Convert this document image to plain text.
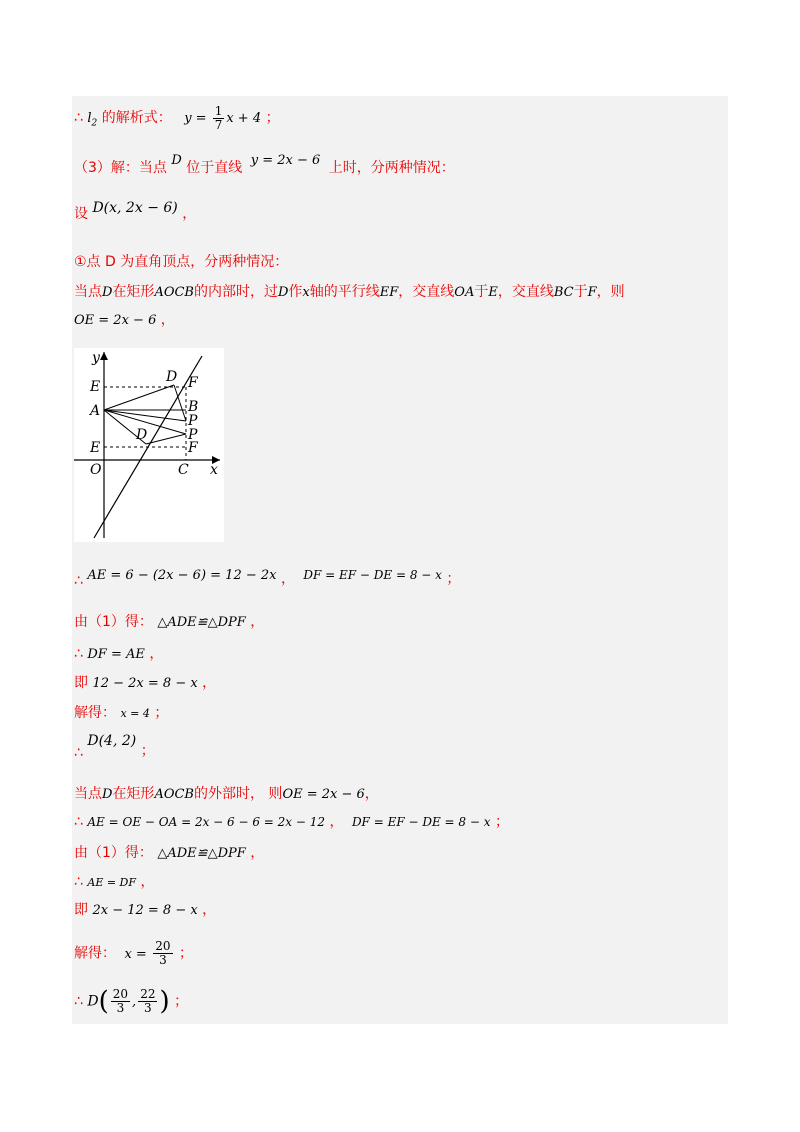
∴ $l_2$ 的解析式： $y = \frac{1}{7}$ x + 4 ；
（3）解：当点 D 位于直线 y = 2x − 6 上时，分两种情况：
设 D(x, 2x − 6) ，
①点 D 为直角顶点，分两种情况：
当点D在矩形AOCB的内部时，过D作x轴的平行线EF，交直线OA于E，交直线BC于F，则
OE = 2x − 6 ，
y
E
A
E
O
D F
B
P
P
D
F
C x
∴ AE = 6 − (2x − 6) = 12 − 2x ， DF = EF − DE = 8 − x ；
由（1）得： △ADE≌△DPF ，
∴ DF = AE ，
即 12 − 2x = 8 − x ，
解得： x = 4 ；
∴ D(4, 2) ；
当点D在矩形AOCB的外部时， 则OE = 2x − 6，
∴ AE = OE − OA = 2x − 6 − 6 = 2x − 12 ， DF = EF − DE = 8 − x ；
由（1）得： △ADE≌△DPF ，
∴ AE = DF ，
即 2x − 12 = 8 − x ，
解得： $x = \frac{20}{3}$ ；
∴ $D( \frac{20}{3}$ , $\frac{22}{3}$ ) ；
